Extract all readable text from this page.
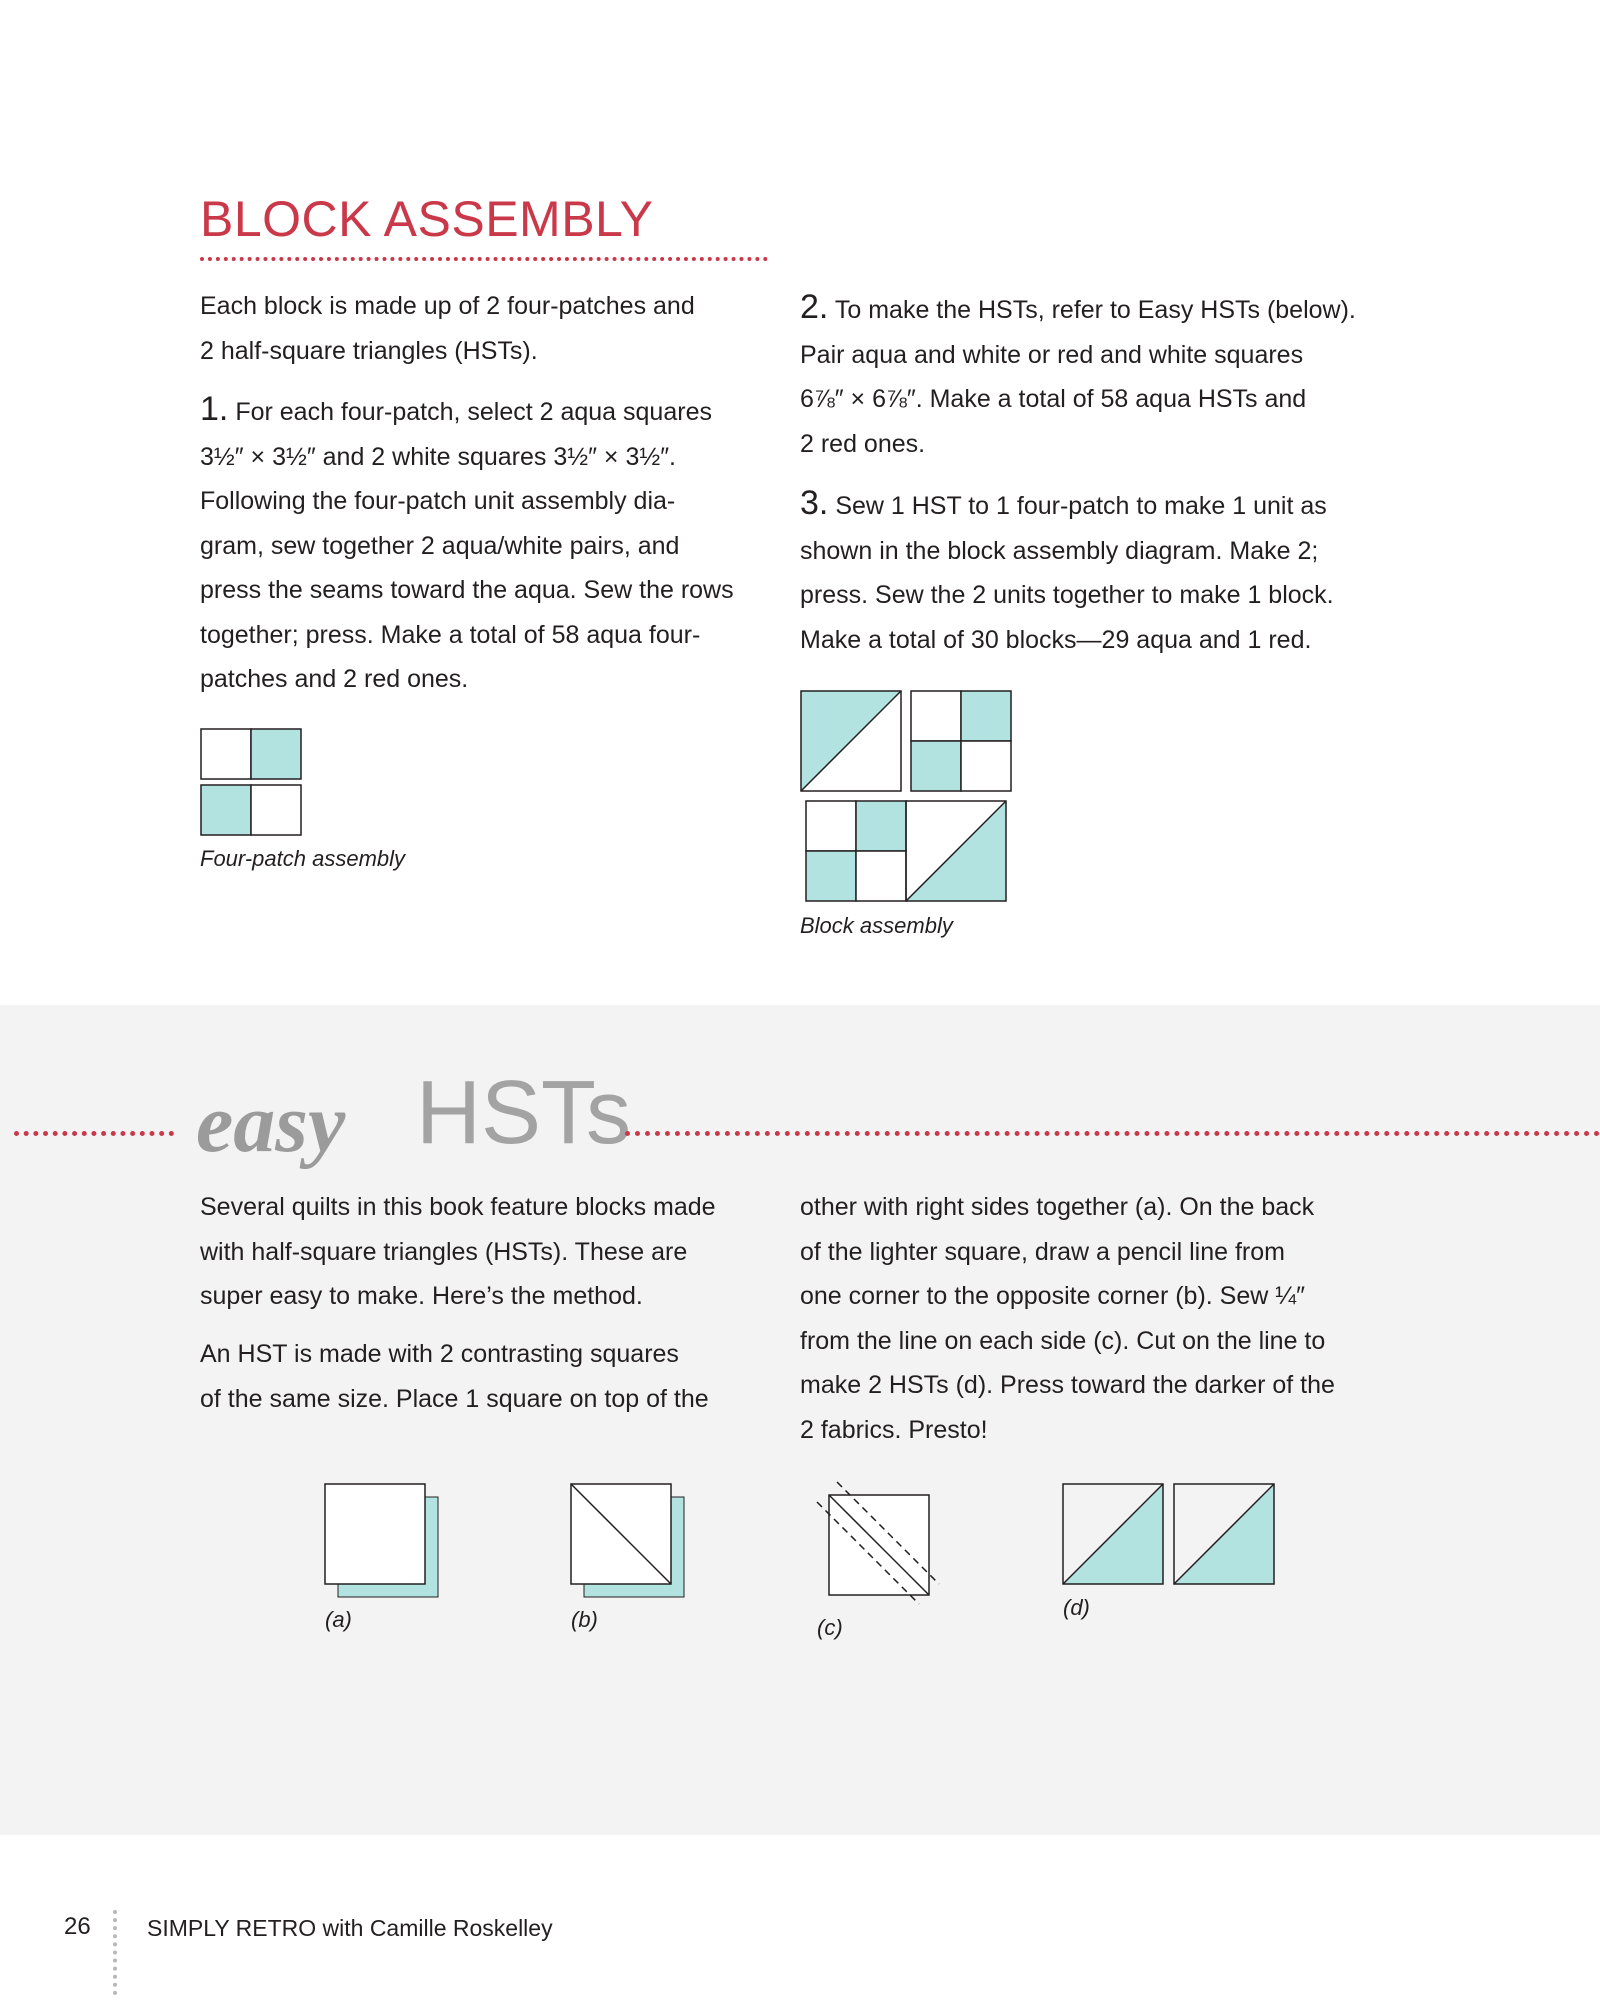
BLOCK ASSEMBLY
Each block is made up of 2 four-patches and
2 half-square triangles (HSTs).
1. For each four-patch, select 2 aqua squares
3½″ × 3½″ and 2 white squares 3½″ × 3½″.
Following the four-patch unit assembly dia-
gram, sew together 2 aqua/white pairs, and
press the seams toward the aqua. Sew the rows
together; press. Make a total of 58 aqua four-
patches and 2 red ones.
2. To make the HSTs, refer to Easy HSTs (below).
Pair aqua and white or red and white squares
6⅞″ × 6⅞″. Make a total of 58 aqua HSTs and
2 red ones.
3. Sew 1 HST to 1 four-patch to make 1 unit as
shown in the block assembly diagram. Make 2;
press. Sew the 2 units together to make 1 block.
Make a total of 30 blocks—29 aqua and 1 red.
Four-patch assembly
Block assembly
easy HSTs
Several quilts in this book feature blocks made
with half-square triangles (HSTs). These are
super easy to make. Here’s the method.
An HST is made with 2 contrasting squares
of the same size. Place 1 square on top of the
other with right sides together (a). On the back
of the lighter square, draw a pencil line from
one corner to the opposite corner (b). Sew ¼″
from the line on each side (c). Cut on the line to
make 2 HSTs (d). Press toward the darker of the
2 fabrics. Presto!
(a)	(b)	(c)
(d)
26 SIMPLY RETRO with Camille Roskelley
